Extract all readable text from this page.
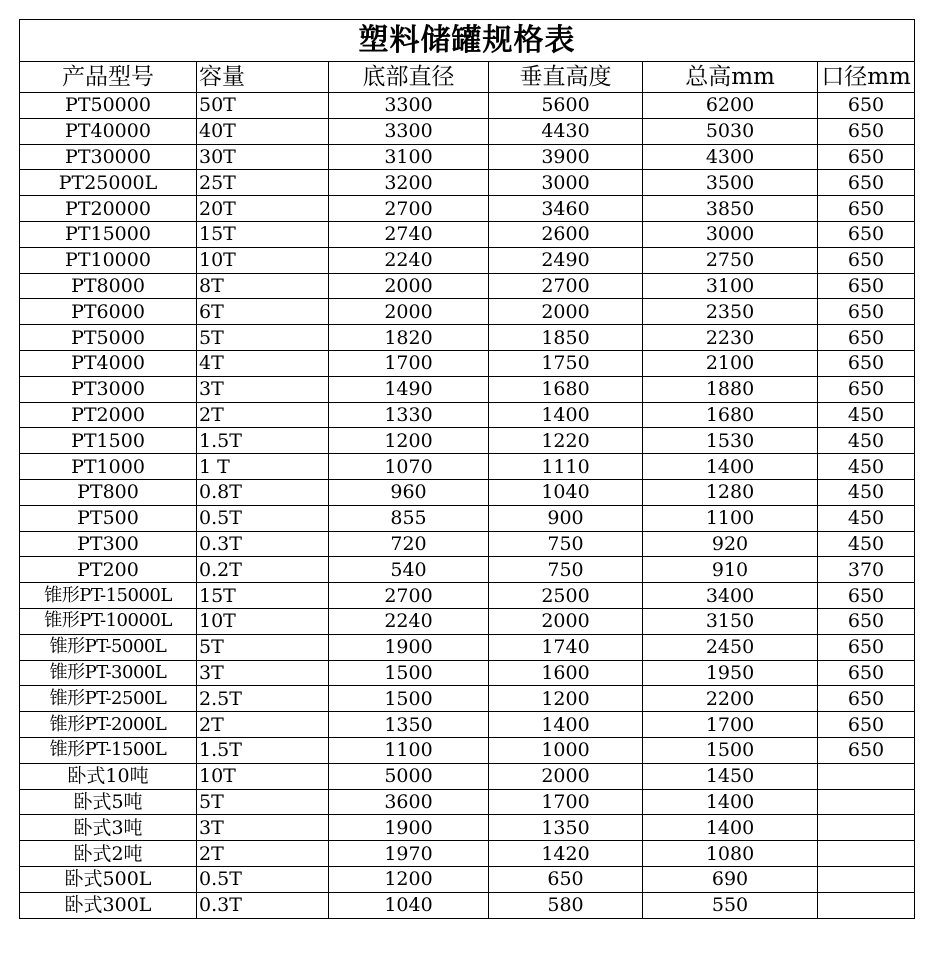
塑料储罐规格表					
产品型号	容量	底部直径	垂直高度	总高mm	口径mm
PT50000	50T	3300	5600	6200	650
PT40000	40T	3300	4430	5030	650
PT30000	30T	3100	3900	4300	650
PT25000L	25T	3200	3000	3500	650
PT20000	20T	2700	3460	3850	650
PT15000	15T	2740	2600	3000	650
PT10000	10T	2240	2490	2750	650
PT8000	8T	2000	2700	3100	650
PT6000	6T	2000	2000	2350	650
PT5000	5T	1820	1850	2230	650
PT4000	4T	1700	1750	2100	650
PT3000	3T	1490	1680	1880	650
PT2000	2T	1330	1400	1680	450
PT1500	1.5T	1200	1220	1530	450
PT1000	1 T	1070	1110	1400	450
PT800	0.8T	960	1040	1280	450
PT500	0.5T	855	900	1100	450
PT300	0.3T	720	750	920	450
PT200	0.2T	540	750	910	370
锥形PT-15000L	15T	2700	2500	3400	650
锥形PT-10000L	10T	2240	2000	3150	650
锥形PT-5000L	5T	1900	1740	2450	650
锥形PT-3000L	3T	1500	1600	1950	650
锥形PT-2500L	2.5T	1500	1200	2200	650
锥形PT-2000L	2T	1350	1400	1700	650
锥形PT-1500L	1.5T	1100	1000	1500	650
卧式10吨	10T	5000	2000	1450	
卧式5吨	5T	3600	1700	1400	
卧式3吨	3T	1900	1350	1400	
卧式2吨	2T	1970	1420	1080	
卧式500L	0.5T	1200	650	690	
卧式300L	0.3T	1040	580	550	
